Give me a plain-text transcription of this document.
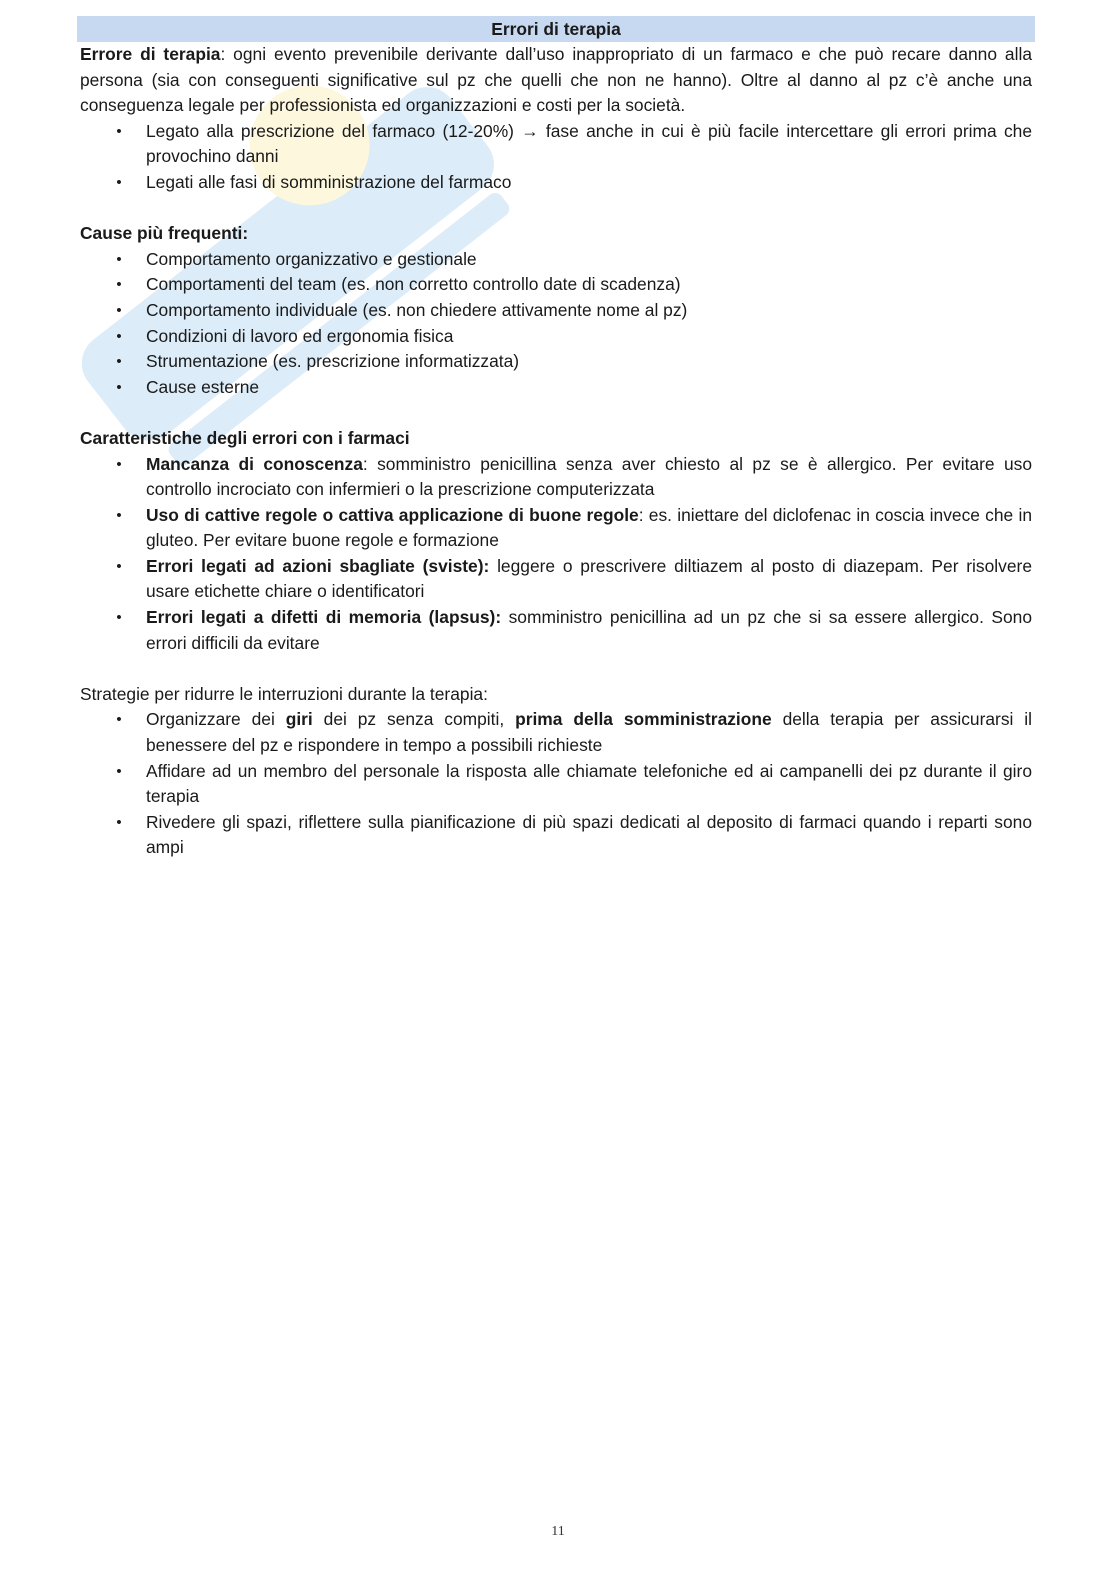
Errori di terapia

Errore di terapia: ogni evento prevenibile derivante dall’uso inappropriato di un farmaco e che può recare danno alla persona (sia con conseguenti significative sul pz che quelli che non ne hanno). Oltre al danno al pz c’è anche una conseguenza legale per professionista ed organizzazioni e costi per la società.

• Legato alla prescrizione del farmaco (12-20%) → fase anche in cui è più facile intercettare gli errori prima che provochino danni
• Legati alle fasi di somministrazione del farmaco

Cause più frequenti:

• Comportamento organizzativo e gestionale
• Comportamenti del team (es. non corretto controllo date di scadenza)
• Comportamento individuale (es. non chiedere attivamente nome al pz)
• Condizioni di lavoro ed ergonomia fisica
• Strumentazione (es. prescrizione informatizzata)
• Cause esterne

Caratteristiche degli errori con i farmaci

• Mancanza di conoscenza: somministro penicillina senza aver chiesto al pz se è allergico. Per evitare uso controllo incrociato con infermieri o la prescrizione computerizzata
• Uso di cattive regole o cattiva applicazione di buone regole: es. iniettare del diclofenac in coscia invece che in gluteo. Per evitare buone regole e formazione
• Errori legati ad azioni sbagliate (sviste): leggere o prescrivere diltiazem al posto di diazepam. Per risolvere usare etichette chiare o identificatori
• Errori legati a difetti di memoria (lapsus): somministro penicillina ad un pz che si sa essere allergico. Sono errori difficili da evitare

Strategie per ridurre le interruzioni durante la terapia:

• Organizzare dei giri dei pz senza compiti, prima della somministrazione della terapia per assicurarsi il benessere del pz e rispondere in tempo a possibili richieste
• Affidare ad un membro del personale la risposta alle chiamate telefoniche ed ai campanelli dei pz durante il giro terapia
• Rivedere gli spazi, riflettere sulla pianificazione di più spazi dedicati al deposito di farmaci quando i reparti sono ampi
11
